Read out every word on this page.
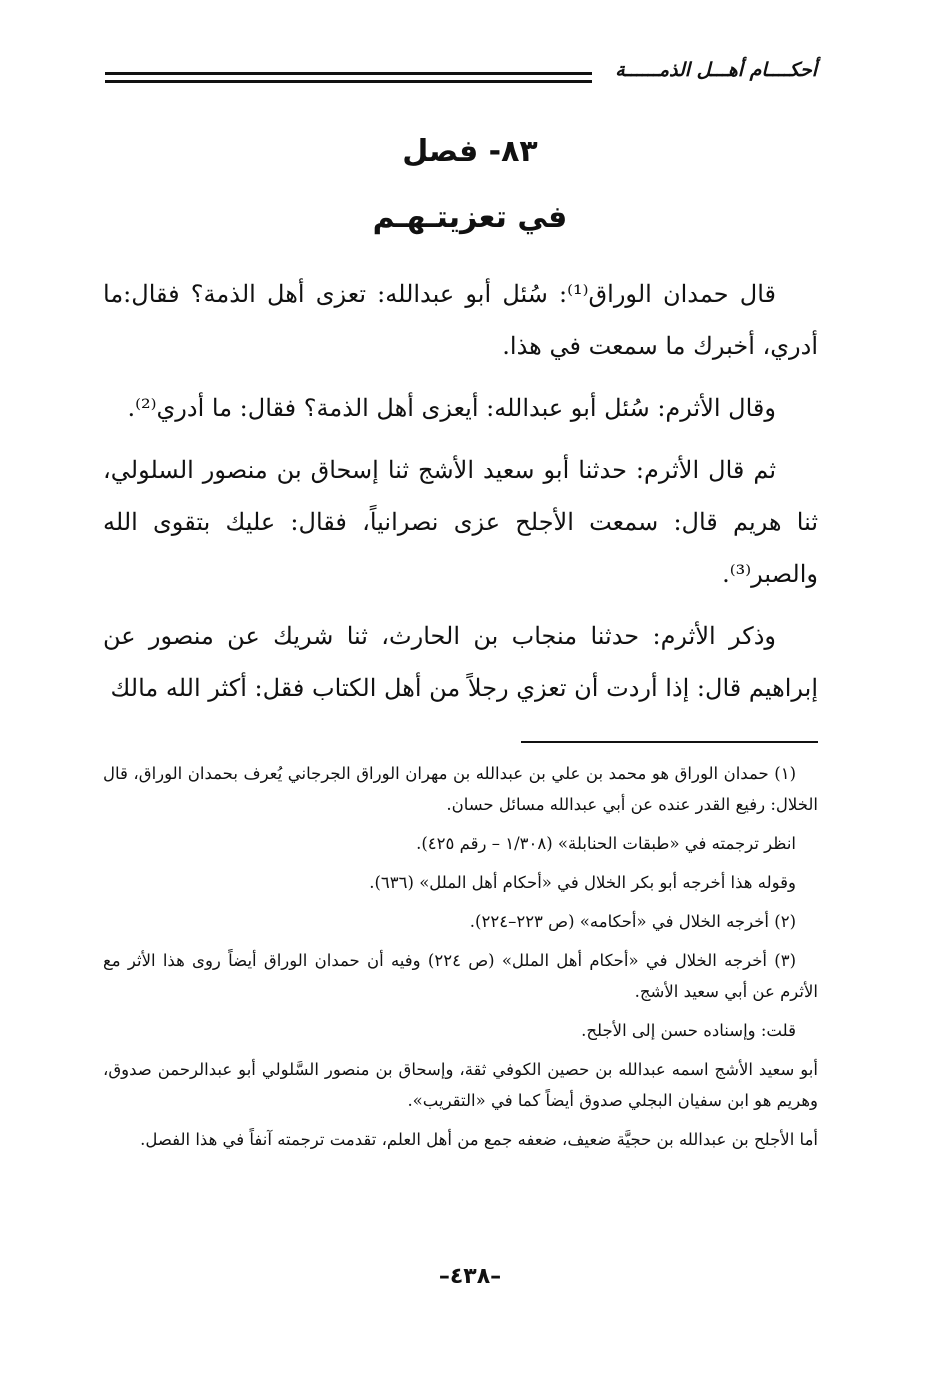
أحكــــام أهـــل الذمــــــة
٨٣- فصل
في تعزيتـهـم

قال حمدان الوراق⁽¹⁾: سُئل أبو عبدالله: تعزى أهل الذمة؟ فقال:ما أدري، أخبرك ما سمعت في هذا.

وقال الأثرم: سُئل أبو عبدالله: أيعزى أهل الذمة؟ فقال: ما أدري⁽²⁾.

ثم قال الأثرم: حدثنا أبو سعيد الأشج ثنا إسحاق بن منصور السلولي، ثنا هريم قال: سمعت الأجلح عزى نصرانياً، فقال: عليك بتقوى الله والصبر⁽³⁾.

وذكر الأثرم: حدثنا منجاب بن الحارث، ثنا شريك عن منصور عن إبراهيم قال: إذا أردت أن تعزي رجلاً من أهل الكتاب فقل: أكثر الله مالك

(١) حمدان الوراق هو محمد بن علي بن عبدالله بن مهران الوراق الجرجاني يُعرف بحمدان الوراق، قال الخلال: رفيع القدر عنده عن أبي عبدالله مسائل حسان.

انظر ترجمته في «طبقات الحنابلة» (١/٣٠٨ – رقم ٤٢٥).

وقوله هذا أخرجه أبو بكر الخلال في «أحكام أهل الملل» (٦٣٦).

(٢) أخرجه الخلال في «أحكامه» (ص ٢٢٣–٢٢٤).

(٣) أخرجه الخلال في «أحكام أهل الملل» (ص ٢٢٤) وفيه أن حمدان الوراق أيضاً روى هذا الأثر مع الأثرم عن أبي سعيد الأشج.

قلت: وإسناده حسن إلى الأجلح.

أبو سعيد الأشج اسمه عبدالله بن حصين الكوفي ثقة، وإسحاق بن منصور السَّلولي أبو عبدالرحمن صدوق، وهريم هو ابن سفيان البجلي صدوق أيضاً كما في «التقريب».

أما الأجلح بن عبدالله بن حجيَّة ضعيف، ضعفه جمع من أهل العلم، تقدمت ترجمته آنفاً في هذا الفصل.

–٤٣٨–
